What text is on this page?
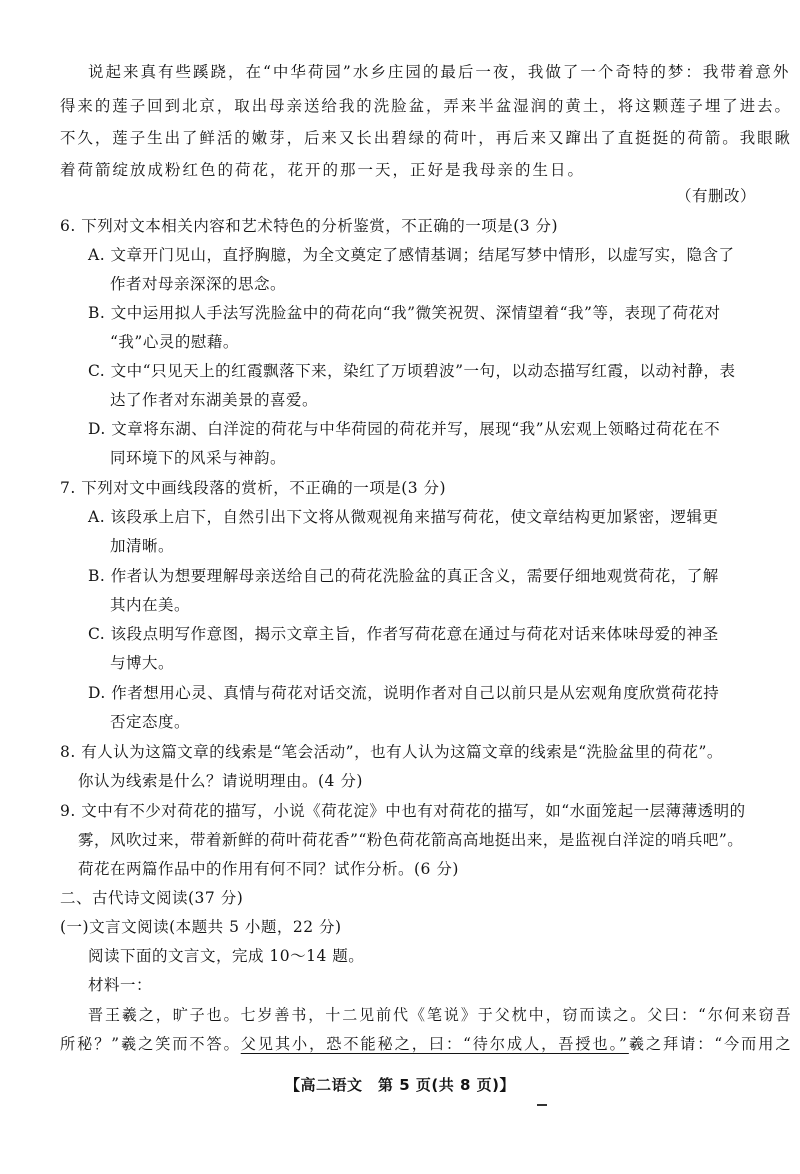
说起来真有些蹊跷，在“中华荷园”水乡庄园的最后一夜，我做了一个奇特的梦：我带着意外
得来的莲子回到北京，取出母亲送给我的洗脸盆，弄来半盆湿润的黄土，将这颗莲子埋了进去。
不久，莲子生出了鲜活的嫩芽，后来又长出碧绿的荷叶，再后来又蹿出了直挺挺的荷箭。我眼瞅
着荷箭绽放成粉红色的荷花，花开的那一天，正好是我母亲的生日。
（有删改）
6. 下列对文本相关内容和艺术特色的分析鉴赏，不正确的一项是(3 分)
A. 文章开门见山，直抒胸臆，为全文奠定了感情基调；结尾写梦中情形，以虚写实，隐含了
作者对母亲深深的思念。
B. 文中运用拟人手法写洗脸盆中的荷花向“我”微笑祝贺、深情望着“我”等，表现了荷花对
“我”心灵的慰藉。
C. 文中“只见天上的红霞飘落下来，染红了万顷碧波”一句，以动态描写红霞，以动衬静，表
达了作者对东湖美景的喜爱。
D. 文章将东湖、白洋淀的荷花与中华荷园的荷花并写，展现“我”从宏观上领略过荷花在不
同环境下的风采与神韵。
7. 下列对文中画线段落的赏析，不正确的一项是(3 分)
A. 该段承上启下，自然引出下文将从微观视角来描写荷花，使文章结构更加紧密，逻辑更
加清晰。
B. 作者认为想要理解母亲送给自己的荷花洗脸盆的真正含义，需要仔细地观赏荷花，了解
其内在美。
C. 该段点明写作意图，揭示文章主旨，作者写荷花意在通过与荷花对话来体味母爱的神圣
与博大。
D. 作者想用心灵、真情与荷花对话交流，说明作者对自己以前只是从宏观角度欣赏荷花持
否定态度。
8. 有人认为这篇文章的线索是“笔会活动”，也有人认为这篇文章的线索是“洗脸盆里的荷花”。
你认为线索是什么？请说明理由。(4 分)
9. 文中有不少对荷花的描写，小说《荷花淀》中也有对荷花的描写，如“水面笼起一层薄薄透明的
雾，风吹过来，带着新鲜的荷叶荷花香”“粉色荷花箭高高地挺出来，是监视白洋淀的哨兵吧”。
荷花在两篇作品中的作用有何不同？试作分析。(6 分)
二、古代诗文阅读(37 分)
(一)文言文阅读(本题共 5 小题，22 分)
阅读下面的文言文，完成 10～14 题。
材料一：
晋王羲之，旷子也。七岁善书，十二见前代《笔说》于父枕中，窃而读之。父曰：“尔何来窃吾
所秘？”羲之笑而不答。父见其小，恐不能秘之，曰：“待尔成人，吾授也。”羲之拜请：“今而用之
【高二语文　第 5 页(共 8 页)】
